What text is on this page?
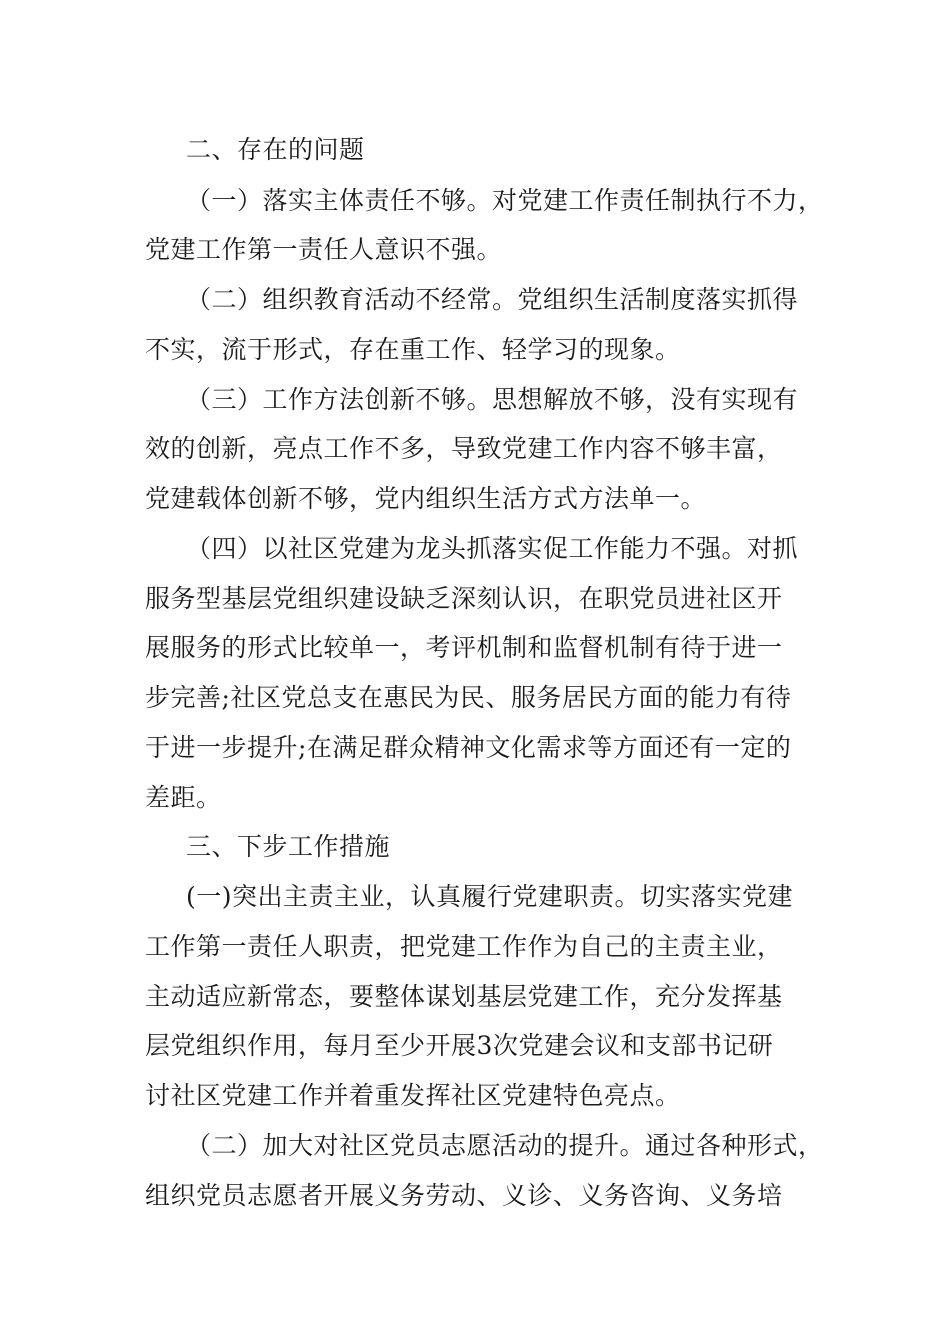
二、存在的问题
（一）落实主体责任不够。对党建工作责任制执行不力，
党建工作第一责任人意识不强。
（二）组织教育活动不经常。党组织生活制度落实抓得
不实，流于形式，存在重工作、轻学习的现象。
（三）工作方法创新不够。思想解放不够，没有实现有
效的创新，亮点工作不多，导致党建工作内容不够丰富，
党建载体创新不够，党内组织生活方式方法单一。
（四）以社区党建为龙头抓落实促工作能力不强。对抓
服务型基层党组织建设缺乏深刻认识，在职党员进社区开
展服务的形式比较单一，考评机制和监督机制有待于进一
步完善;社区党总支在惠民为民、服务居民方面的能力有待
于进一步提升;在满足群众精神文化需求等方面还有一定的
差距。
三、下步工作措施
(一)突出主责主业，认真履行党建职责。切实落实党建
工作第一责任人职责，把党建工作作为自己的主责主业，
主动适应新常态，要整体谋划基层党建工作，充分发挥基
层党组织作用，每月至少开展3次党建会议和支部书记研
讨社区党建工作并着重发挥社区党建特色亮点。
（二）加大对社区党员志愿活动的提升。通过各种形式，
组织党员志愿者开展义务劳动、义诊、义务咨询、义务培
